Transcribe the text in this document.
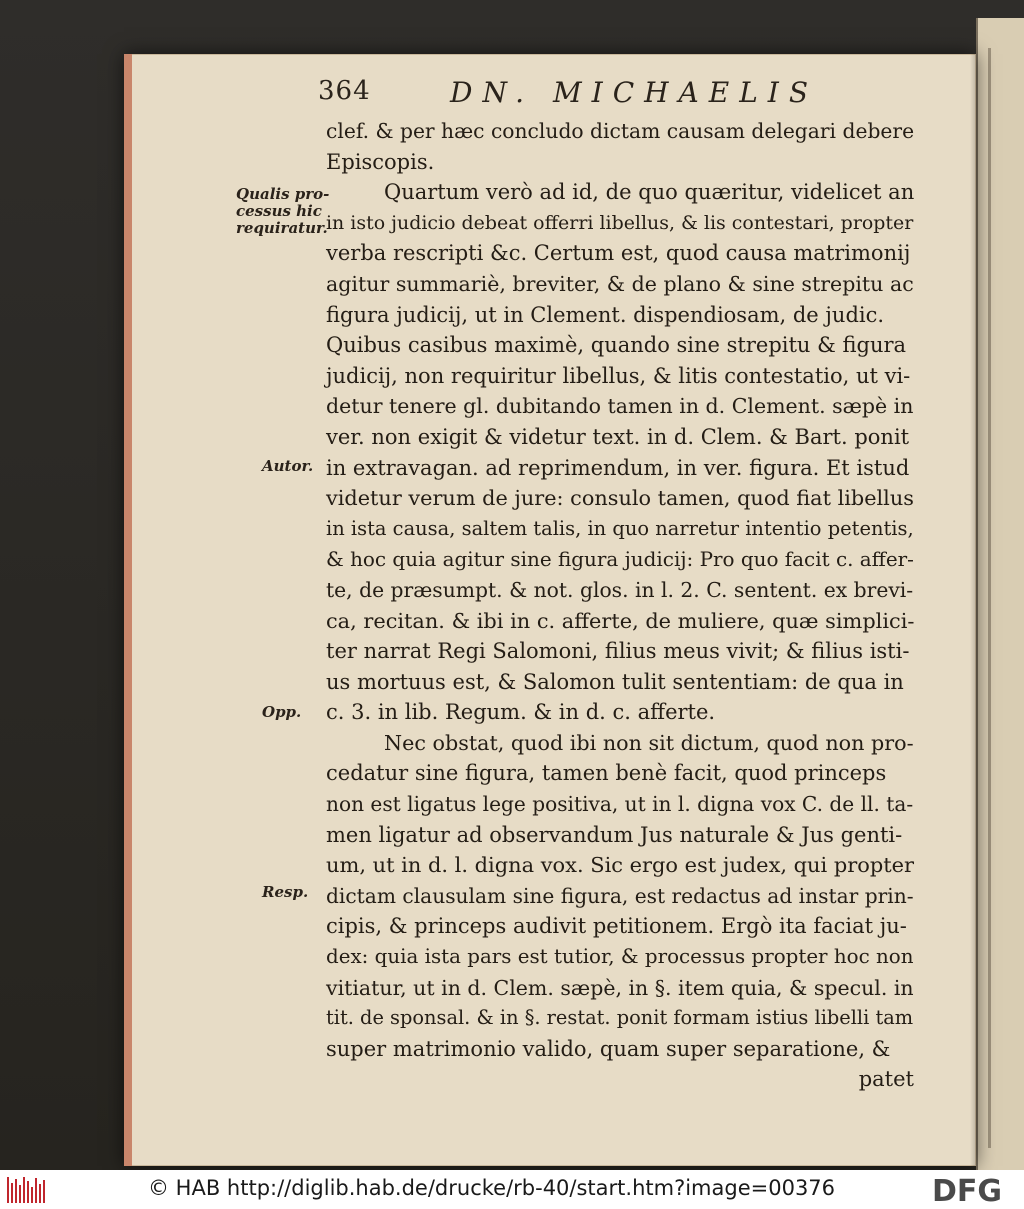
364	DN. MICHAELIS
Qualis pro-
cessus hic
requiratur.
Autor.
Opp.
Resp.
clef. & per hæc concludo dictam causam delegari debere
Episcopis.
Quartum verò ad id, de quo quæritur, videlicet an
in isto judicio debeat offerri libellus, & lis contestari, propter
verba rescripti &c. Certum est, quod causa matrimonij
agitur summariè, breviter, & de plano & sine strepitu ac
figura judicij, ut in Clement. dispendiosam, de judic.
Quibus casibus maximè, quando sine strepitu & figura
judicij, non requiritur libellus, & litis contestatio, ut vi-
detur tenere gl. dubitando tamen in d. Clement. sæpè in
ver. non exigit & videtur text. in d. Clem. & Bart. ponit
in extravagan. ad reprimendum, in ver. figura. Et istud
videtur verum de jure: consulo tamen, quod fiat libellus
in ista causa, saltem talis, in quo narretur intentio petentis,
& hoc quia agitur sine figura judicij: Pro quo facit c. affer-
te, de præsumpt. & not. glos. in l. 2. C. sentent. ex brevi-
ca, recitan. & ibi in c. afferte, de muliere, quæ simplici-
ter narrat Regi Salomoni, filius meus vivit; & filius isti-
us mortuus est, & Salomon tulit sententiam: de qua in
c. 3. in lib. Regum. & in d. c. afferte.
Nec obstat, quod ibi non sit dictum, quod non pro-
cedatur sine figura, tamen benè facit, quod princeps
non est ligatus lege positiva, ut in l. digna vox C. de ll. ta-
men ligatur ad observandum Jus naturale & Jus genti-
um, ut in d. l. digna vox. Sic ergo est judex, qui propter
dictam clausulam sine figura, est redactus ad instar prin-
cipis, & princeps audivit petitionem. Ergò ita faciat ju-
dex: quia ista pars est tutior, & processus propter hoc non
vitiatur, ut in d. Clem. sæpè, in §. item quia, & specul. in
tit. de sponsal. & in §. restat. ponit formam istius libelli tam
super matrimonio valido, quam super separatione, &
patet
© HAB http://diglib.hab.de/drucke/rb-40/start.htm?image=00376	DFG
